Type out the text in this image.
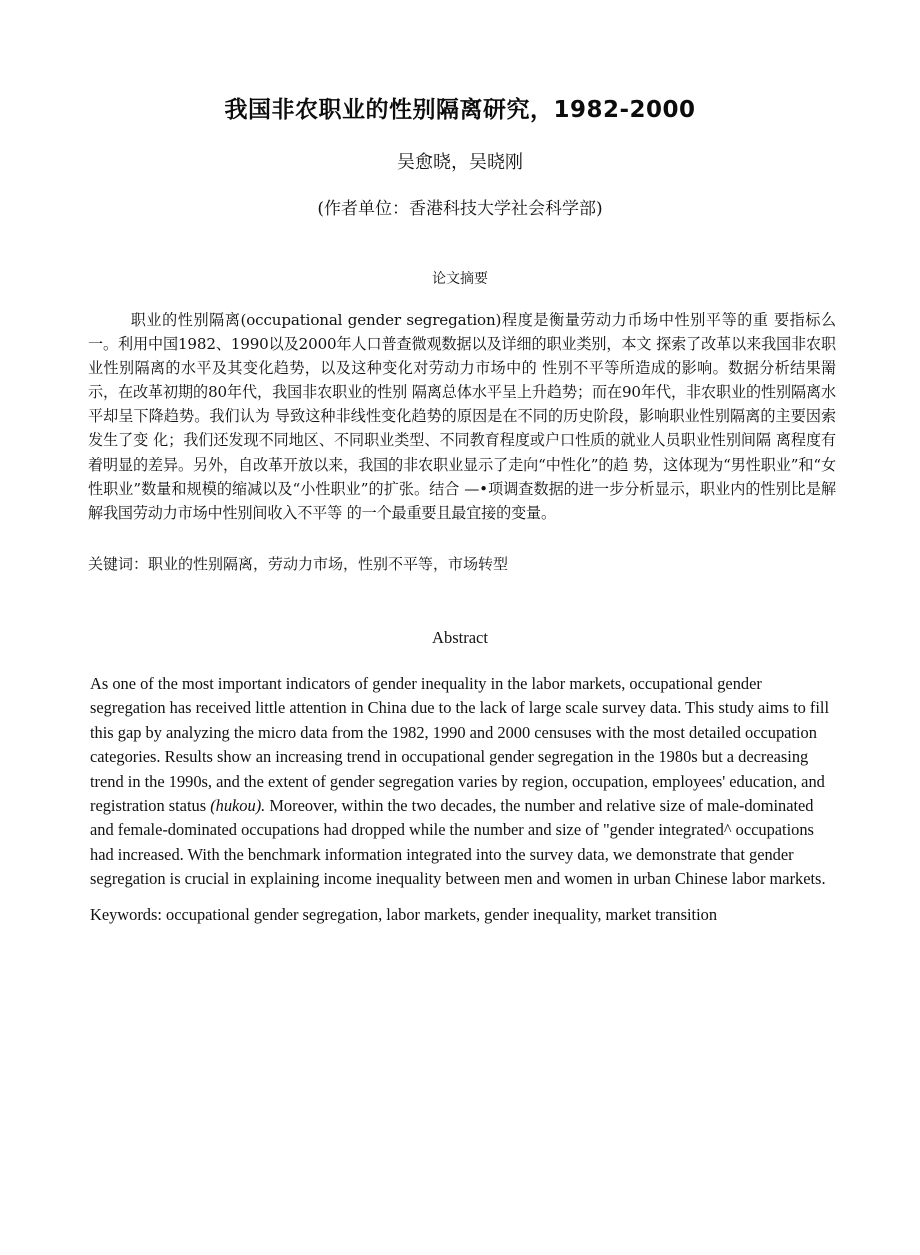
我国非农职业的性别隔离研究，1982-2000
吴愈晓，吴晓刚
(作者单位：香港科技大学社会科学部)
论文摘要
职业的性别隔离(occupational gender segregation)程度是衡量劳动力币场中性别平等的重 要指标么一。利用中国1982、1990以及2000年人口普查微观数据以及详细的职业类别，本文 探索了改革以来我国非农职业性别隔离的水平及其变化趋势，以及这种变化对劳动力市场中的 性别不平等所造成的影响。数据分析结果罱示，在改革初期的80年代，我国非农职业的性别 隔离总体水平呈上升趋势；而在90年代，非农职业的性别隔离水平却呈下降趋势。我们认为 导致这种非线性变化趋势的原因是在不同的历史阶段，影响职业性别隔离的主要因索发生了变 化；我们还发现不同地区、不同职业类型、不同教育程度或户口性质的就业人员职业性别间隔 离程度有着明显的差异。另外，自改革开放以来，我国的非农职业显示了走向“中性化”的趋 势，这体现为“男性职业”和“女性职业”数量和规模的缩减以及“小性职业”的扩张。结合 —•项调查数据的进一步分析显示，职业内的性别比是解解我国劳动力市场中性别间收入不平等 的一个最重要且最宜接的变量。
关键词：职业的性别隔离，劳动力市场，性别不平等，市场转型
Abstract
As one of the most important indicators of gender inequality in the labor markets, occupational gender segregation has received little attention in China due to the lack of large scale survey data. This study aims to fill this gap by analyzing the micro data from the 1982, 1990 and 2000 censuses with the most detailed occupation categories. Results show an increasing trend in occupational gender segregation in the 1980s but a decreasing trend in the 1990s, and the extent of gender segregation varies by region, occupation, employees' education, and registration status (hukou). Moreover, within the two decades, the number and relative size of male-dominated and female-dominated occupations had dropped while the number and size of "gender integrated^ occupations had increased. With the benchmark information integrated into the survey data, we demonstrate that gender segregation is crucial in explaining income inequality between men and women in urban Chinese labor markets.
Keywords: occupational gender segregation, labor markets, gender inequality, market transition
